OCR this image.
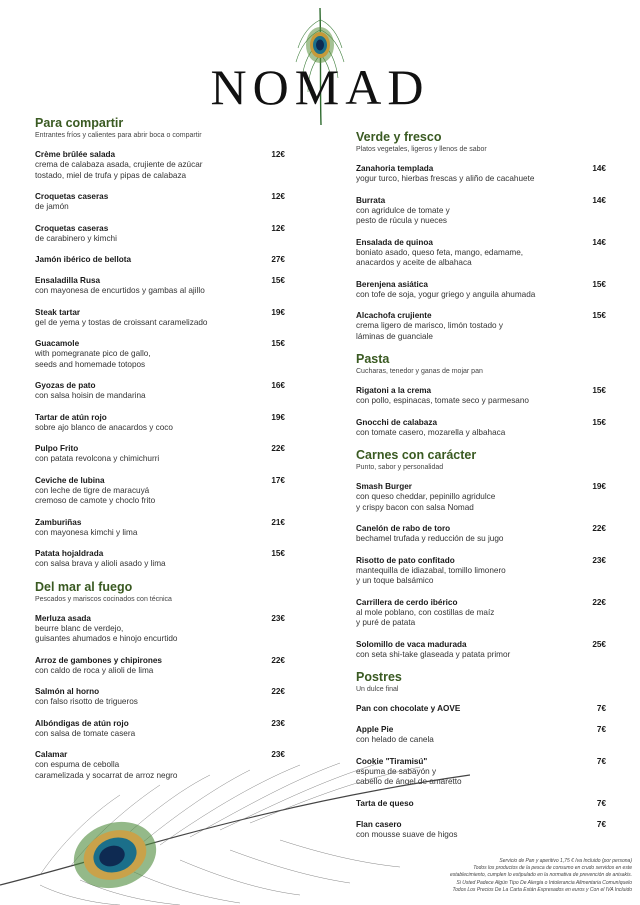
NOMAD
Para compartir
Entrantes fríos y calientes para abrir boca o compartir
Crème brûlée salada	12€
crema de calabaza asada, crujiente de azúcar
tostado, miel de trufa y pipas de calabaza
Croquetas caseras	12€
de jamón
Croquetas caseras	12€
de carabinero y kimchi
Jamón ibérico de bellota	27€
Ensaladilla Rusa	15€
con mayonesa de encurtidos y gambas al ajillo
Steak tartar	19€
gel de yema y tostas de croissant caramelizado
Guacamole	15€
with pomegranate pico de gallo,
seeds and homemade totopos
Gyozas de pato	16€
con salsa hoisin de mandarina
Tartar de atún rojo	19€
sobre ajo blanco de anacardos y coco
Pulpo Frito	22€
con patata revolcona y chimichurri
Ceviche de lubina	17€
con leche de tigre de maracuyá
cremoso de camote y choclo frito
Zamburiñas	21€
con mayonesa kimchi y lima
Patata hojaldrada	15€
con salsa brava y alioli asado y lima
Del mar al fuego
Pescados y mariscos cocinados con técnica
Merluza asada	23€
beurre blanc de verdejo,
guisantes ahumados e hinojo encurtido
Arroz de gambones y chipirones	22€
con caldo de roca y alioli de lima
Salmón al horno	22€
con falso risotto de trigueros
Albóndigas de atún rojo	23€
con salsa de tomate casera
Calamar	23€
con espuma de cebolla
caramelizada y socarrat de arroz negro
Verde y fresco
Platos vegetales, ligeros y llenos de sabor
Zanahoria templada	14€
yogur turco, hierbas frescas y aliño de cacahuete
Burrata	14€
con agridulce de tomate y
pesto de rúcula y nueces
Ensalada de quinoa	14€
boniato asado, queso feta, mango, edamame,
anacardos y aceite de albahaca
Berenjena asiática	15€
con tofe de soja, yogur griego y anguila ahumada
Alcachofa crujiente	15€
crema ligero de marisco, limón tostado y
láminas de guanciale
Pasta
Cucharas, tenedor y ganas de mojar pan
Rigatoni a la crema	15€
con pollo, espinacas, tomate seco y parmesano
Gnocchi de calabaza	15€
con tomate casero, mozarella y albahaca
Carnes con carácter
Punto, sabor y personalidad
Smash Burger	19€
con queso cheddar, pepinillo agridulce
y crispy bacon con salsa Nomad
Canelón de rabo de toro	22€
bechamel trufada y reducción de su jugo
Risotto de pato confitado	23€
mantequilla de idiazabal, tomillo limonero
y un toque balsámico
Carrillera de cerdo ibérico	22€
al mole poblano, con costillas de maíz
y puré de patata
Solomillo de vaca madurada	25€
con seta shi-take glaseada y patata primor
Postres
Un dulce final
Pan con chocolate y AOVE	7€
Apple Pie	7€
con helado de canela
Cookie "Tiramisú"	7€
espuma de sabayón y
cabello de ángel de amaretto
Tarta de queso	7€
Flan casero	7€
con mousse suave de higos
Servicio de Pan y aperitivo 1,75 € Iva Incluido (por persona)
Todos los productos de la pesca de consumo en crudo servidos en este
establecimiento, cumplen lo estipulado en la normativa de prevención de anisakis.
Si Usted Padece Algún Tipo De Alergia o Intolerancia Alimentaria Comuníquelo
Todos Los Precios De La Carta Están Expresados en euros y Con el IVA Incluido
